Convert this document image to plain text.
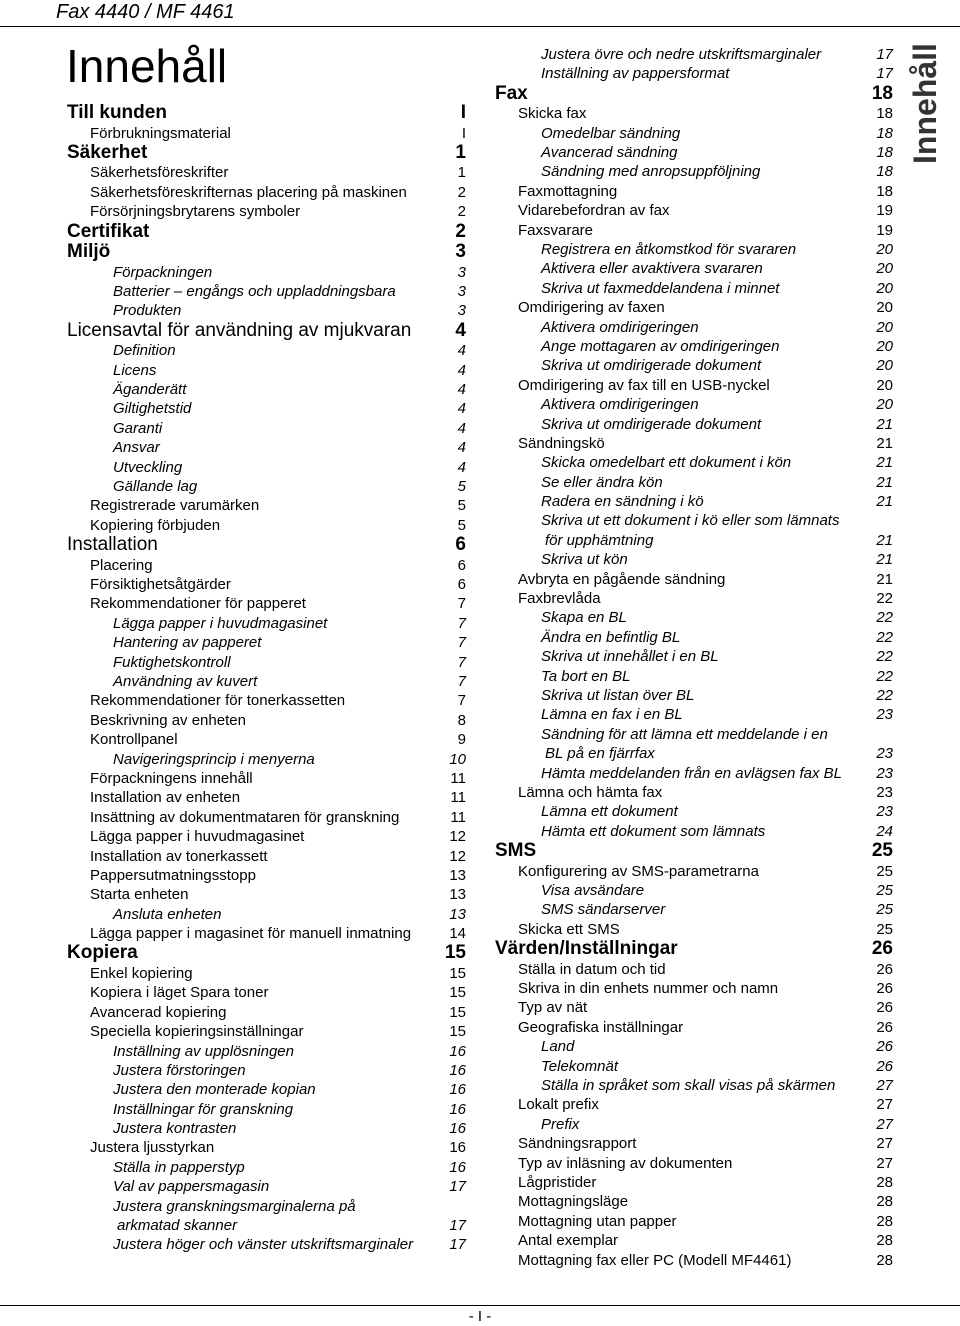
Fax 4440 / MF 4461
Innehåll	Innehåll
Till kunden	I
Förbrukningsmaterial	I
Säkerhet	1
Säkerhetsföreskrifter	1
Säkerhetsföreskrifternas placering på maskinen	2
Försörjningsbrytarens symboler	2
Certifikat	2
Miljö	3
Förpackningen	3
Batterier – engångs och uppladdningsbara	3
Produkten	3
Licensavtal för användning av mjukvaran	4
Definition	4
Licens	4
Äganderätt	4
Giltighetstid	4
Garanti	4
Ansvar	4
Utveckling	4
Gällande lag	5
Registrerade varumärken	5
Kopiering förbjuden	5
Installation	6
Placering	6
Försiktighetsåtgärder	6
Rekommendationer för papperet	7
Lägga papper i huvudmagasinet	7
Hantering av papperet	7
Fuktighetskontroll	7
Användning av kuvert	7
Rekommendationer för tonerkassetten	7
Beskrivning av enheten	8
Kontrollpanel	9
Navigeringsprincip i menyerna	10
Förpackningens innehåll	11
Installation av enheten	11
Insättning av dokumentmataren för granskning	11
Lägga papper i huvudmagasinet	12
Installation av tonerkassett	12
Pappersutmatningsstopp	13
Starta enheten	13
Ansluta enheten	13
Lägga papper i magasinet för manuell inmatning	14
Kopiera	15
Enkel kopiering	15
Kopiera i läget Spara toner	15
Avancerad kopiering	15
Speciella kopieringsinställningar	15
Inställning av upplösningen	16
Justera förstoringen	16
Justera den monterade kopian	16
Inställningar för granskning	16
Justera kontrasten	16
Justera ljusstyrkan	16
Ställa in papperstyp	16
Val av pappersmagasin	17
Justera granskningsmarginalerna på
arkmatad skanner	17
Justera höger och vänster utskriftsmarginaler	17
Justera övre och nedre utskriftsmarginaler	17
Inställning av pappersformat	17
Fax	18
Skicka fax	18
Omedelbar sändning	18
Avancerad sändning	18
Sändning med anropsuppföljning	18
Faxmottagning	18
Vidarebefordran av fax	19
Faxsvarare	19
Registrera en åtkomstkod för svararen	20
Aktivera eller avaktivera svararen	20
Skriva ut faxmeddelandena i minnet	20
Omdirigering av faxen	20
Aktivera omdirigeringen	20
Ange mottagaren av omdirigeringen	20
Skriva ut omdirigerade dokument	20
Omdirigering av fax till en USB-nyckel	20
Aktivera omdirigeringen	20
Skriva ut omdirigerade dokument	21
Sändningskö	21
Skicka omedelbart ett dokument i kön	21
Se eller ändra kön	21
Radera en sändning i kö	21
Skriva ut ett dokument i kö eller som lämnats
för upphämtning	21
Skriva ut kön	21
Avbryta en pågående sändning	21
Faxbrevlåda	22
Skapa en BL	22
Ändra en befintlig BL	22
Skriva ut innehållet i en BL	22
Ta bort en BL	22
Skriva ut listan över BL	22
Lämna en fax i en BL	23
Sändning för att lämna ett meddelande i en
BL på en fjärrfax	23
Hämta meddelanden från en avlägsen fax BL	23
Lämna och hämta fax	23
Lämna ett dokument	23
Hämta ett dokument som lämnats	24
SMS	25
Konfigurering av SMS-parametrarna	25
Visa avsändare	25
SMS sändarserver	25
Skicka ett SMS	25
Värden/Inställningar	26
Ställa in datum och tid	26
Skriva in din enhets nummer och namn	26
Typ av nät	26
Geografiska inställningar	26
Land	26
Telekomnät	26
Ställa in språket som skall visas på skärmen	27
Lokalt prefix	27
Prefix	27
Sändningsrapport	27
Typ av inläsning av dokumenten	27
Lågpristider	28
Mottagningsläge	28
Mottagning utan papper	28
Antal exemplar	28
Mottagning fax eller PC (Modell MF4461)	28
- I -
